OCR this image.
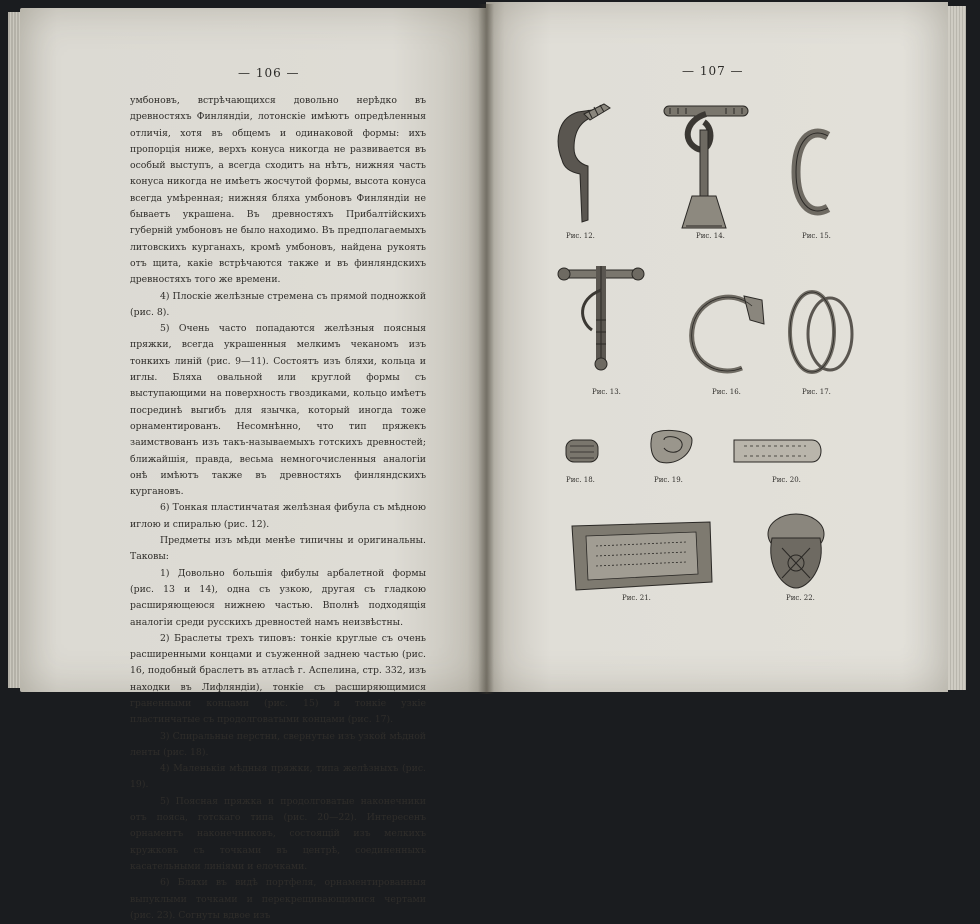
— 106 —

умбоновъ, встрѣчающихся довольно нерѣдко въ древностяхъ Финляндіи, лотонскіе имѣютъ опредѣленныя отличія, хотя въ общемъ и одинаковой формы: ихъ пропорція ниже, верхъ конуса никогда не развивается въ особый выступъ, а всегда сходитъ на нѣтъ, нижняя часть конуса никогда не имѣетъ жосчутой формы, высота конуса всегда умѣренная; нижняя бляха умбоновъ Финляндіи не бываетъ украшена. Въ древностяхъ Прибалтійскихъ губерній умбоновъ не было находимо. Въ предполагаемыхъ литовскихъ курганахъ, кромѣ умбоновъ, найдена рукоять отъ щита, какіе встрѣчаются также и въ финляндскихъ древностяхъ того же времени.

4) Плоскіе желѣзные стремена съ прямой подножкой (рис. 8).

5) Очень часто попадаются желѣзныя поясныя пряжки, всегда украшенныя мелкимъ чеканомъ изъ тонкихъ линій (рис. 9—11). Состоятъ изъ бляхи, кольца и иглы. Бляха овальной или круглой формы съ выступающими на поверхность гвоздиками, кольцо имѣетъ посрединѣ выгибъ для язычка, который иногда тоже орнаментированъ. Несомнѣнно, что тип пряжекъ заимствованъ изъ такъ-называемыхъ готскихъ древностей; ближайшія, правда, весьма немногочисленныя аналогіи онѣ имѣютъ также въ древностяхъ финляндскихъ кургановъ.

6) Тонкая пластинчатая желѣзная фибула съ мѣдною иглою и спиралью (рис. 12).

Предметы изъ мѣди менѣе типичны и оригинальны. Таковы:

1) Довольно большія фибулы арбалетной формы (рис. 13 и 14), одна съ узкою, другая съ гладкою расширяющеюся нижнею частью. Вполнѣ подходящія аналогіи среди русскихъ древностей намъ неизвѣстны.

2) Браслеты трехъ типовъ: тонкіе круглые съ очень расширенными концами и съуженной заднею частью (рис. 16, подобный браслетъ въ атласѣ г. Аспелина, стр. 332, изъ находки въ Лифляндіи), тонкіе съ расширяющимися граненными концами (рис. 15) и тонкіе узкіе пластинчатые съ продолговатыми концами (рис. 17).

3) Спиральные перстни, свернутые изъ узкой мѣдной ленты (рис. 18).

4) Маленькія мѣдныя пряжки, типа желѣзныхъ (рис. 19).

5) Поясная пряжка и продолговатые наконечники отъ пояса, готскаго типа (рис. 20—22). Интересенъ орнаментъ наконечниковъ, состоящій изъ мелкихъ кружковъ съ точками въ центрѣ, соединенныхъ касательными линіями и елочками.

6) Бляхи въ видѣ портфеля, орнаментированныя выпуклыми точками и перекрещивающимися чертами (рис. 23). Согнуты вдвое изъ

— 107 —
Рис. 12.	Рис. 14.	Рис. 15.
Рис. 13.	Рис. 16.	Рис. 17.
Рис. 18.	Рис. 19.	Рис. 20.
Рис. 21.	Рис. 22.
